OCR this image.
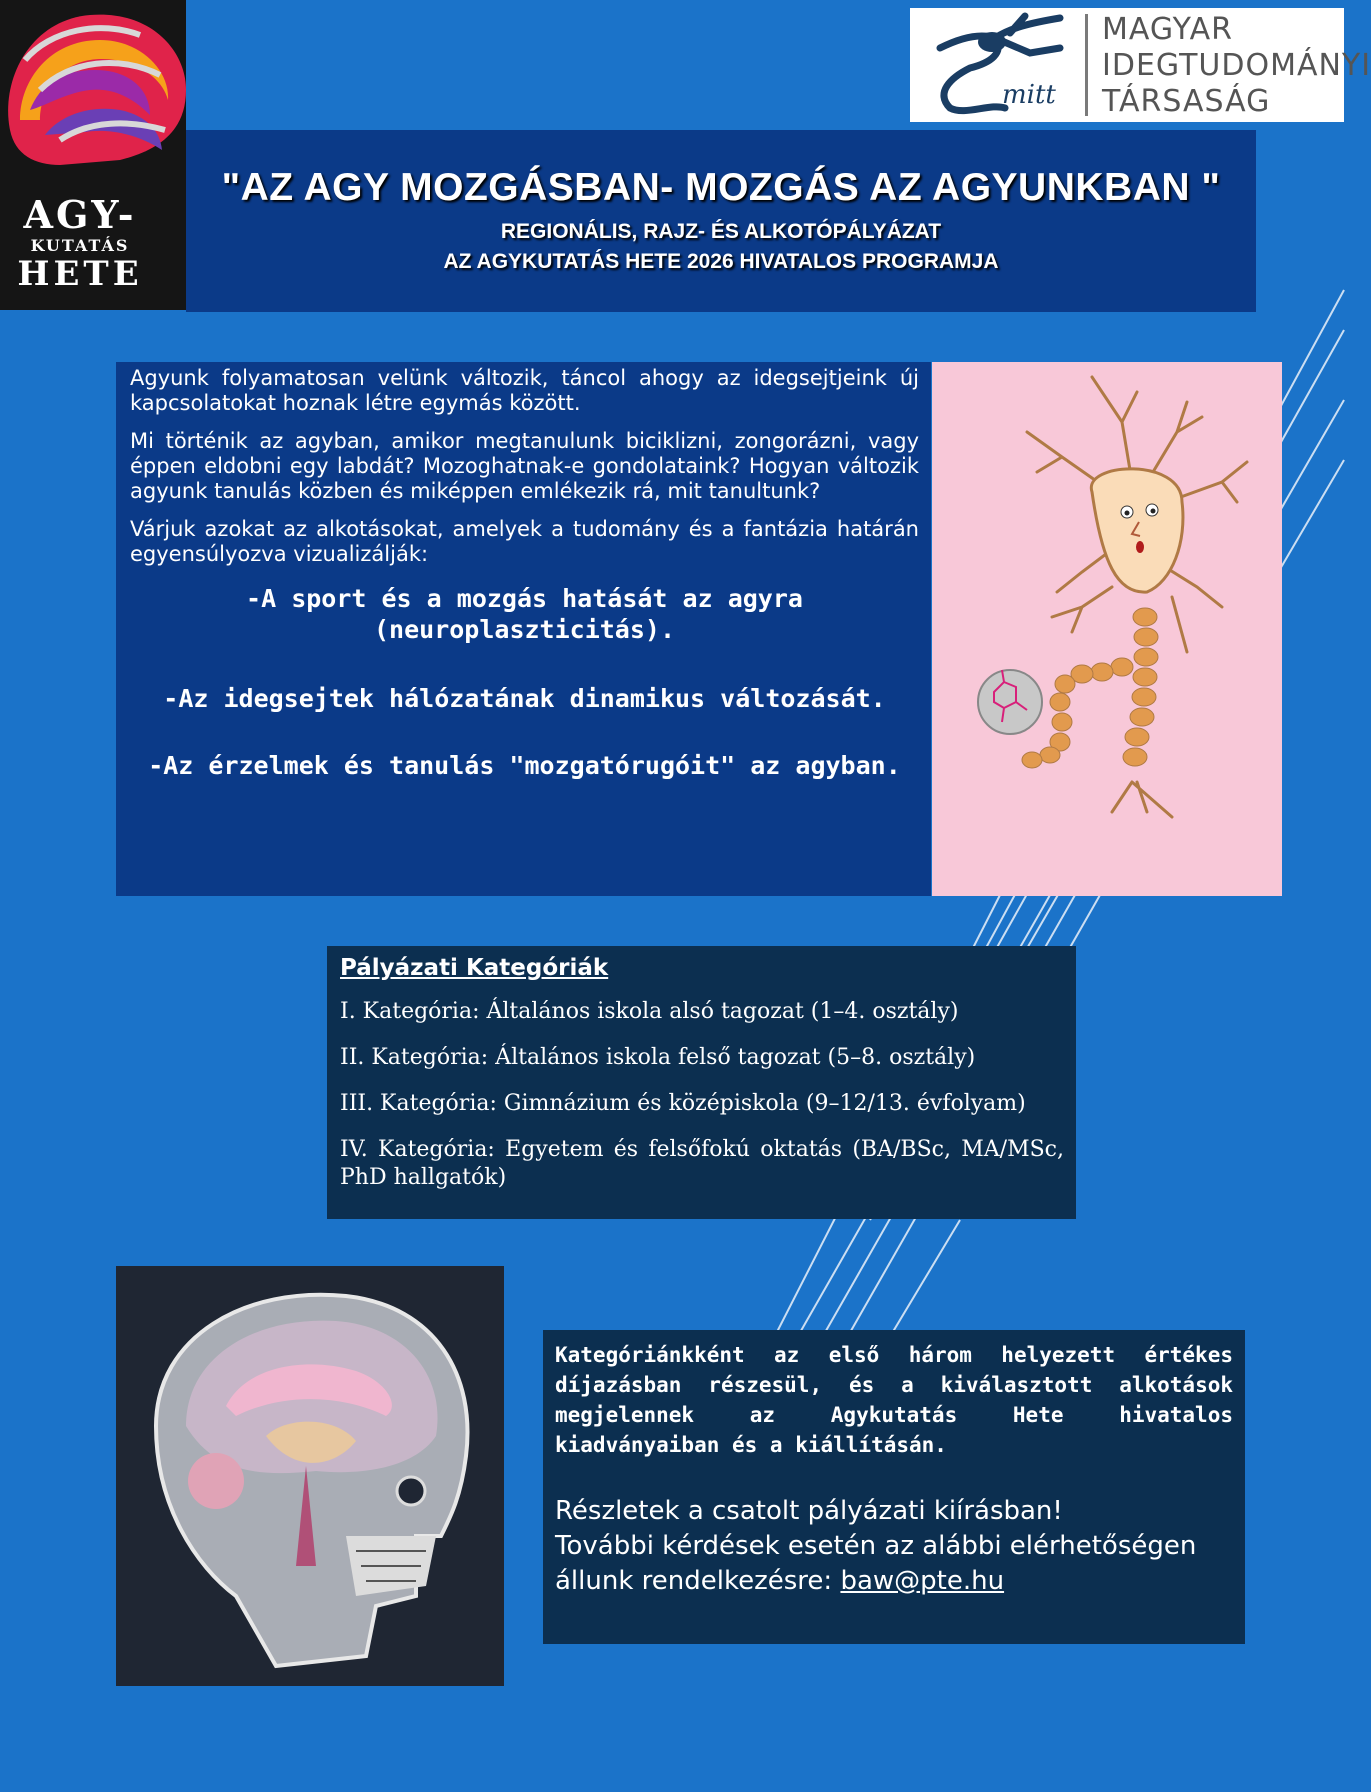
AGY-
KUTATÁS
HETE
mitt
MAGYAR
IDEGTUDOMÁNYI
TÁRSASÁG
"AZ AGY MOZGÁSBAN- MOZGÁS AZ AGYUNKBAN "
REGIONÁLIS, RAJZ- ÉS ALKOTÓPÁLYÁZAT
AZ AGYKUTATÁS HETE 2026 HIVATALOS PROGRAMJA

Agyunk folyamatosan velünk változik, táncol ahogy az idegsejtjeink új kapcsolatokat hoznak létre egymás között.

Mi történik az agyban, amikor megtanulunk biciklizni, zongorázni, vagy éppen eldobni egy labdát? Mozoghatnak-e gondolataink? Hogyan változik agyunk tanulás közben és miképpen emlékezik rá, mit tanultunk?

Várjuk azokat az alkotásokat, amelyek a tudomány és a fantázia határán egyensúlyozva vizualizálják:

-A sport és a mozgás hatását az agyra (neuroplaszticitás).
-Az idegsejtek hálózatának dinamikus változását.
-Az érzelmek és tanulás "mozgatórugóit" az agyban.
Pályázati Kategóriák
I. Kategória: Általános iskola alsó tagozat (1–4. osztály)
II. Kategória: Általános iskola felső tagozat (5–8. osztály)
III. Kategória: Gimnázium és középiskola (9–12/13. évfolyam)
IV. Kategória: Egyetem és felsőfokú oktatás (BA/BSc, MA/MSc, PhD hallgatók)
Kategóriánkként az első három helyezett értékes díjazásban részesül, és a kiválasztott alkotások megjelennek az Agykutatás Hete hivatalos kiadványaiban és a kiállításán.
Részletek a csatolt pályázati kiírásban!
További kérdések esetén az alábbi elérhetőségen
állunk rendelkezésre: baw@pte.hu
